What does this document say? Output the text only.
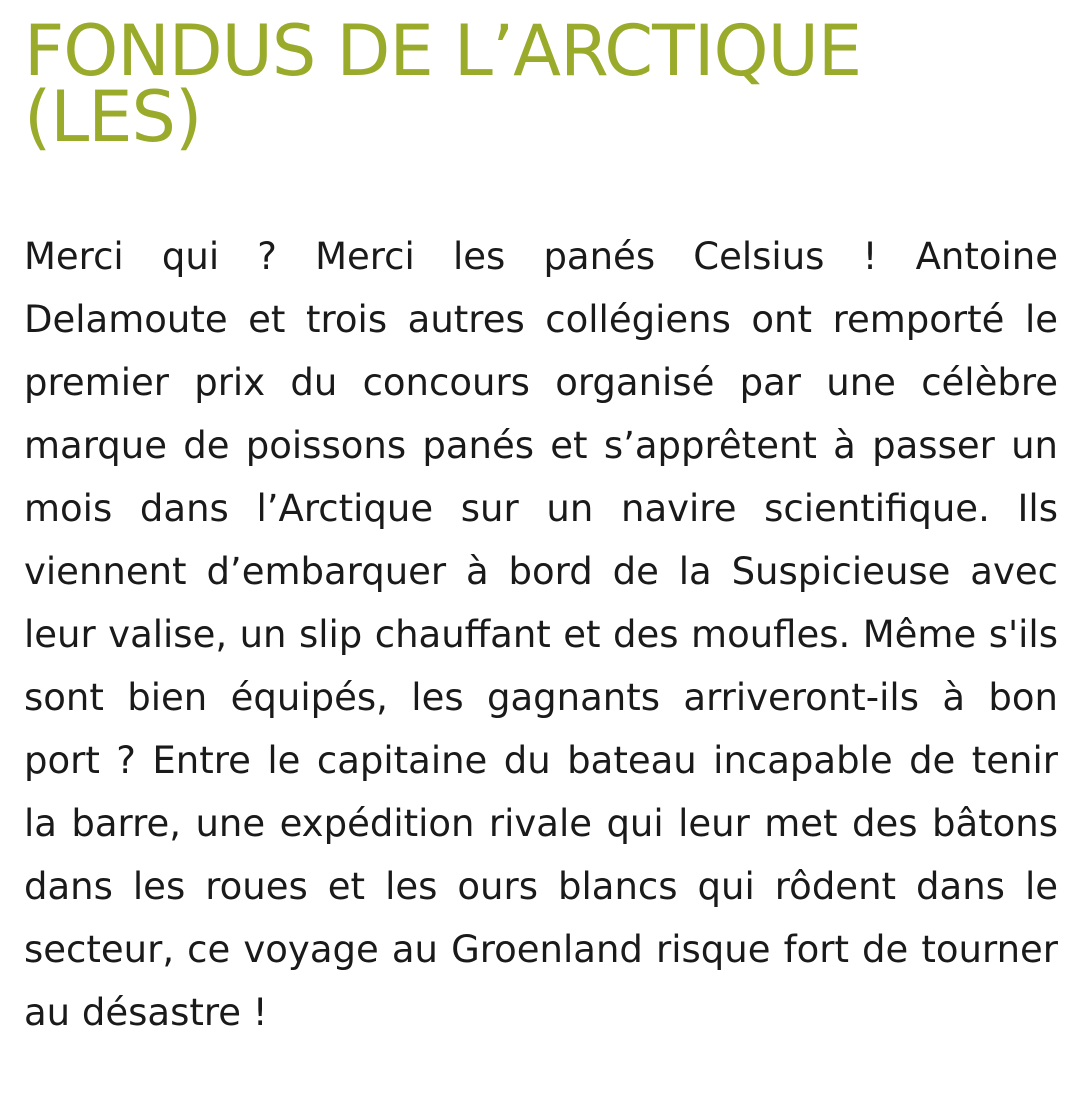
FONDUS DE L’ARCTIQUE (LES)

Merci qui ? Merci les panés Celsius ! Antoine Delamoute et trois autres collégiens ont remporté le premier prix du concours organisé par une célèbre marque de poissons panés et s’apprêtent à passer un mois dans l’Arctique sur un navire scientifique. Ils viennent d’embarquer à bord de la Suspicieuse avec leur valise, un slip chauffant et des moufles. Même s'ils sont bien équipés, les gagnants arriveront-ils à bon port ? Entre le capitaine du bateau incapable de tenir la barre, une expédition rivale qui leur met des bâtons dans les roues et les ours blancs qui rôdent dans le secteur, ce voyage au Groenland risque fort de tourner au désastre !
